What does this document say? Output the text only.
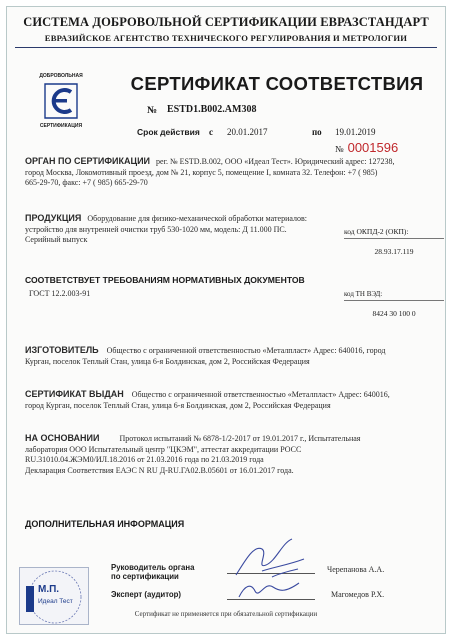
СИСТЕМА ДОБРОВОЛЬНОЙ СЕРТИФИКАЦИИ ЕВРАЗСТАНДАРТ
ЕВРАЗИЙСКОЕ АГЕНТСТВО ТЕХНИЧЕСКОГО РЕГУЛИРОВАНИЯ И МЕТРОЛОГИИ
ДОБРОВОЛЬНАЯ
СЕРТИФИКАЦИЯ
СЕРТИФИКАТ СООТВЕТСТВИЯ
№ ESTD1.B002.AM308
Срок действия с 20.01.2017	по 19.01.2019
№ 0001596
ОРГАН ПО СЕРТИФИКАЦИИ рег. № ESTD.B.002, ООО «Идеал Тест». Юридический адрес: 127238,
город Москва, Локомотивный проезд, дом № 21, корпус 5, помещение I, комната 32. Телефон: +7 ( 985)
665-29-70, факс: +7 ( 985) 665-29-70
ПРОДУКЦИЯ Оборудование для физико-механической обработки материалов:
устройство для внутренней очистки труб 530-1020 мм, модель: Д 11.000 ПС.
Серийный выпуск
код ОКПД-2 (ОКП):
28.93.17.119
СООТВЕТСТВУЕТ ТРЕБОВАНИЯМ НОРМАТИВНЫХ ДОКУМЕНТОВ
ГОСТ 12.2.003-91	код ТН ВЭД:
8424 30 100 0
ИЗГОТОВИТЕЛЬ Общество с ограниченной ответственностью «Металпласт» Адрес: 640016, город
Курган, поселок Теплый Стан, улица 6-я Болдинская, дом 2, Российская Федерация
СЕРТИФИКАТ ВЫДАН Общество с ограниченной ответственностью «Металпласт» Адрес: 640016,
город Курган, поселок Теплый Стан, улица 6-я Болдинская, дом 2, Российская Федерация
НА ОСНОВАНИИ	Протокол испытаний № 6878-1/2-2017 от 19.01.2017 г., Испытательная
лаборатория ООО Испытательный центр "ЦКЭМ", аттестат аккредитации РОСС
RU.31010.04.ЖЭМ0/ИЛ.18.2016 от 21.03.2016 года по 21.03.2019 года
Декларация Соответствия ЕАЭС N RU Д-RU.ГА02.В.05601 от 16.01.2017 года.
ДОПОЛНИТЕЛЬНАЯ ИНФОРМАЦИЯ
М.П.
Идеал Тест
Руководитель органа
по сертификации
Черепанова А.А.
Эксперт (аудитор)	Магомедов Р.Х.
Сертификат не применяется при обязательной сертификации
